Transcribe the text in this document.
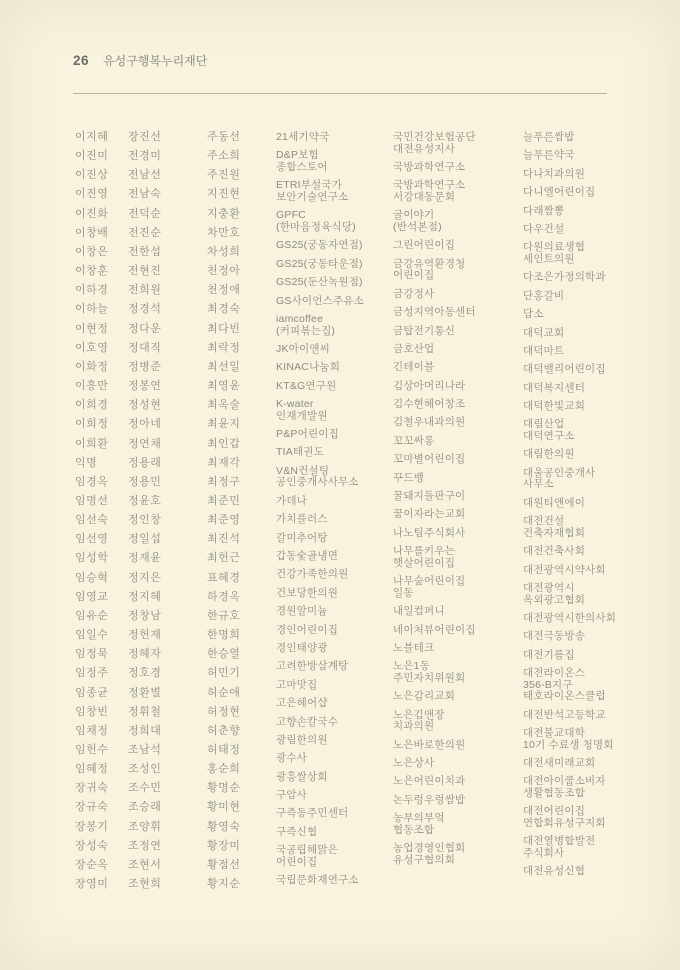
26 유성구행복누리재단
이지혜
이진미
이진상
이진영
이진화
이창배
이창은
이창훈
이하경
이하늘
이현정
이호영
이화정
이흥만
이희경
이희정
이희환
익명
임경옥
임명선
임선숙
임선영
임성학
임승혁
임영교
임유순
임일수
임정묵
임정주
임종균
임창빈
임채정
임헌수
임혜정
장귀숙
장규숙
장봉기
장성숙
장순옥
장영미
장진선
전경미
전남선
전남숙
전덕순
전진순
전한섭
전현진
전희원
정경석
정다운
정대직
정병준
정봉연
정성현
정아네
정연채
정용래
정용민
정윤호
정인창
정일섭
정재윤
정지은
정지혜
정창남
정헌재
정혜자
정호경
정환별
정휘철
정희대
조남석
조성인
조수민
조승래
조양휘
조정연
조현서
조현희
주동선
주소희
주진원
지진현
지충환
차만호
차성희
천정아
천정애
최경숙
최다빈
최락정
최선일
최영윤
최옥술
최윤지
최인갑
최재각
최정구
최준민
최준영
최진석
최헌근
표혜경
하경옥
한규호
한명희
한승열
허민기
허순애
허정현
허춘향
허태정
홍순희
황명순
황미현
황영숙
황장미
황점선
황지순
21세기약국
D&P보험
종합스토어
ETRI부설국가
보안기술연구소
GPFC
(한마음정육식당)
GS25(궁동자연점)
GS25(궁동타운점)
GS25(둔산녹원점)
GS사이언스주유소
iamcoffee
(커피볶는집)
JK아이앤씨
KINAC나눔회
KT&G연구원
K-water
인재개발원
P&P어린이집
TIA태권도
V&N컨설팅
공인중개사사무소
가데나
가치플러스
갈미추어탕
갑동숯골냉면
건강가족한의원
건보당한의원
경원알미늄
경인어린이집
경인태양광
고려한방삼계탕
고마맛집
고은헤어샵
고향손칼국수
광림한의원
광수사
광흥쌀상회
구암사
구즉동주민센터
구즉신협
국공립해맑은
어린이집
국립문화재연구소
국민건강보험공단
대전유성지사
국방과학연구소
국방과학연구소
서강대동문회
굴이야기
(반석본점)
그린어린이집
금강유역환경청
어린이집
금강정사
금성지역아동센터
금탑전기통신
금호산업
긴테이블
김상아머리나라
김수현헤어창조
김철우내과의원
꼬꼬싸롱
꼬마별어린이집
꾸드뱅
꿀돼지돌판구이
꿈이자라는교회
나노팀주식회사
나무를키우는
햇살어린이집
나무숲어린이집
일동
내일컴퍼니
네이처뷰어린이집
노블테크
노은1동
주민자치위원회
노은감리교회
노은김앤장
치과의원
노은바로한의원
노은상사
노은어린이치과
논두렁우렁쌈밥
농부의부엌
협동조합
농업경영인협회
유성구협의회
늘푸른쌈밥
늘푸른약국
다나치과의원
다니엘어린이집
다래짬뽕
다우건설
다원의료생협
세인트의원
다조은가정의학과
단홍갈비
담소
대덕교회
대덕마트
대덕밸리어린이집
대덕복지센터
대덕한빛교회
대림산업
대덕연구소
대림한의원
대울공인중개사
사무소
대원티앤에이
대전건설
건축자재협회
대전건축사회
대전광역시약사회
대전광역시
옥외광고협회
대전광역시한의사회
대전극동방송
대전기름집
대전라이온스
356-B지구
태호라이온스클럽
대전반석고등학교
대전불교대학
10기 수료생 청명회
대전새미래교회
대전아이쿱소비자
생활협동조합
대전어린이집
연합회유성구지회
대전열병합발전
주식회사
대전유성신협
